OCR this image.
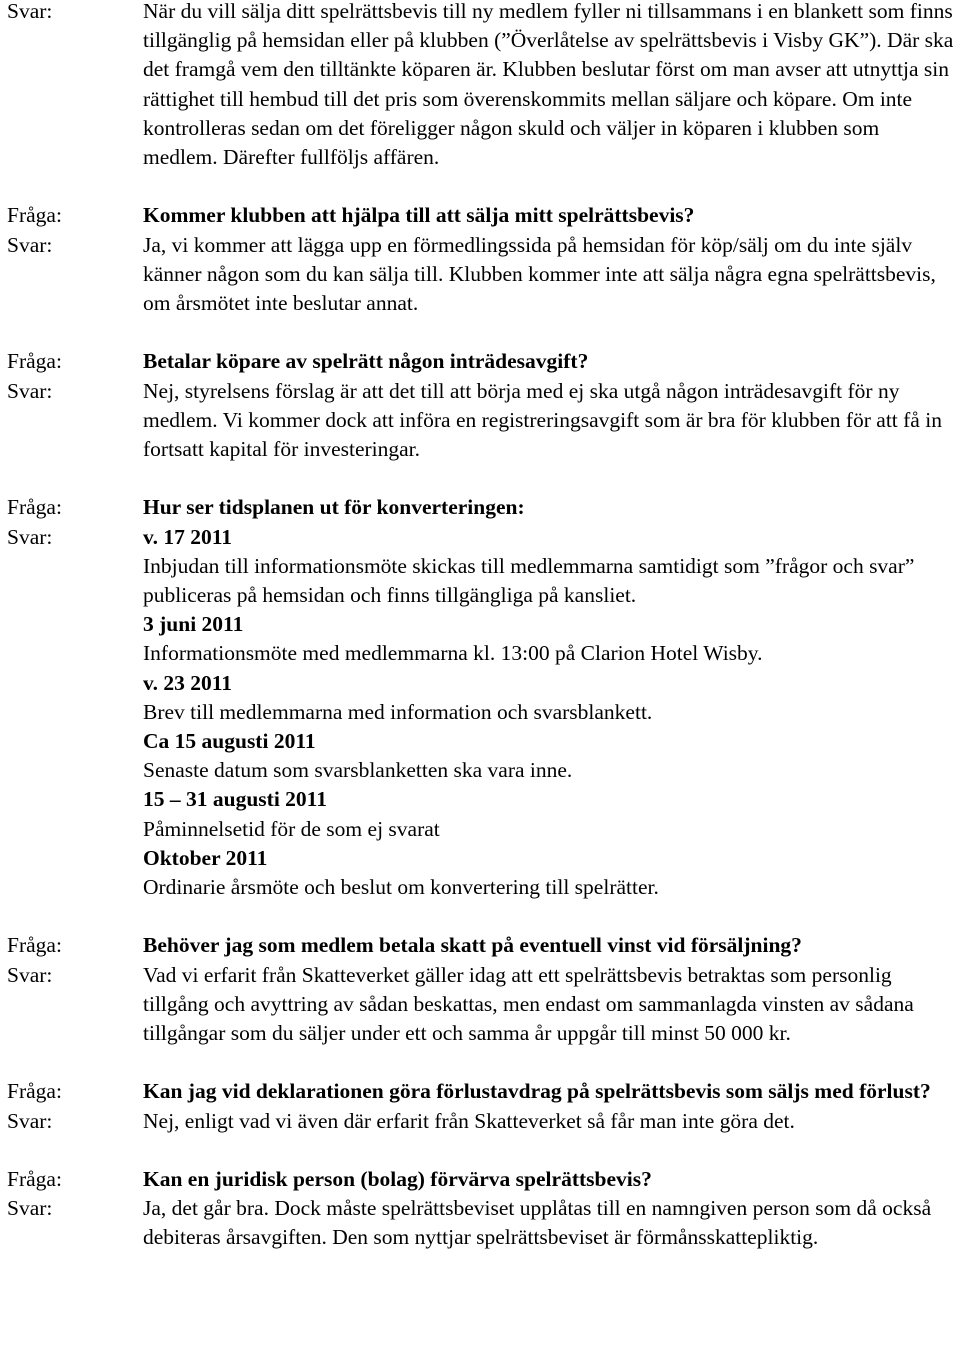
Svar:	När du vill sälja ditt spelrättsbevis till ny medlem fyller ni tillsammans i en blankett som finns tillgänglig på hemsidan eller på klubben (”Överlåtelse av spelrättsbevis i Visby GK”). Där ska det framgå vem den tilltänkte köparen är. Klubben beslutar först om man avser att utnyttja sin rättighet till hembud till det pris som överenskommits mellan säljare och köpare. Om inte kontrolleras sedan om det föreligger någon skuld och väljer in köparen i klubben som medlem. Därefter fullföljs affären.
Fråga:	Kommer klubben att hjälpa till att sälja mitt spelrättsbevis?
Svar:	Ja, vi kommer att lägga upp en förmedlingssida på hemsidan för köp/sälj om du inte själv känner någon som du kan sälja till. Klubben kommer inte att sälja några egna spelrättsbevis, om årsmötet inte beslutar annat.
Fråga:	Betalar köpare av spelrätt någon inträdesavgift?
Svar:	Nej, styrelsens förslag är att det till att börja med ej ska utgå någon inträdesavgift för ny medlem. Vi kommer dock att införa en registreringsavgift som är bra för klubben för att få in fortsatt kapital för investeringar.
Fråga:	Hur ser tidsplanen ut för konverteringen:
Svar:	v. 17 2011
Inbjudan till informationsmöte skickas till medlemmarna samtidigt som ”frågor och svar” publiceras på hemsidan och finns tillgängliga på kansliet.
3 juni 2011
Informationsmöte med medlemmarna kl. 13:00 på Clarion Hotel Wisby.
v. 23 2011
Brev till medlemmarna med information och svarsblankett.
Ca 15 augusti 2011
Senaste datum som svarsblanketten ska vara inne.
15 – 31 augusti 2011
Påminnelsetid för de som ej svarat
Oktober 2011
Ordinarie årsmöte och beslut om konvertering till spelrätter.
Fråga:	Behöver jag som medlem betala skatt på eventuell vinst vid försäljning?
Svar:	Vad vi erfarit från Skatteverket gäller idag att ett spelrättsbevis betraktas som personlig tillgång och avyttring av sådan beskattas, men endast om sammanlagda vinsten av sådana tillgångar som du säljer under ett och samma år uppgår till minst 50 000 kr.
Fråga:	Kan jag vid deklarationen göra förlustavdrag på spelrättsbevis som säljs med förlust?
Svar:	Nej, enligt vad vi även där erfarit från Skatteverket så får man inte göra det.
Fråga:	Kan en juridisk person (bolag) förvärva spelrättsbevis?
Svar:	Ja, det går bra. Dock måste spelrättsbeviset upplåtas till en namngiven person som då också debiteras årsavgiften. Den som nyttjar spelrättsbeviset är förmånsskattepliktig.
